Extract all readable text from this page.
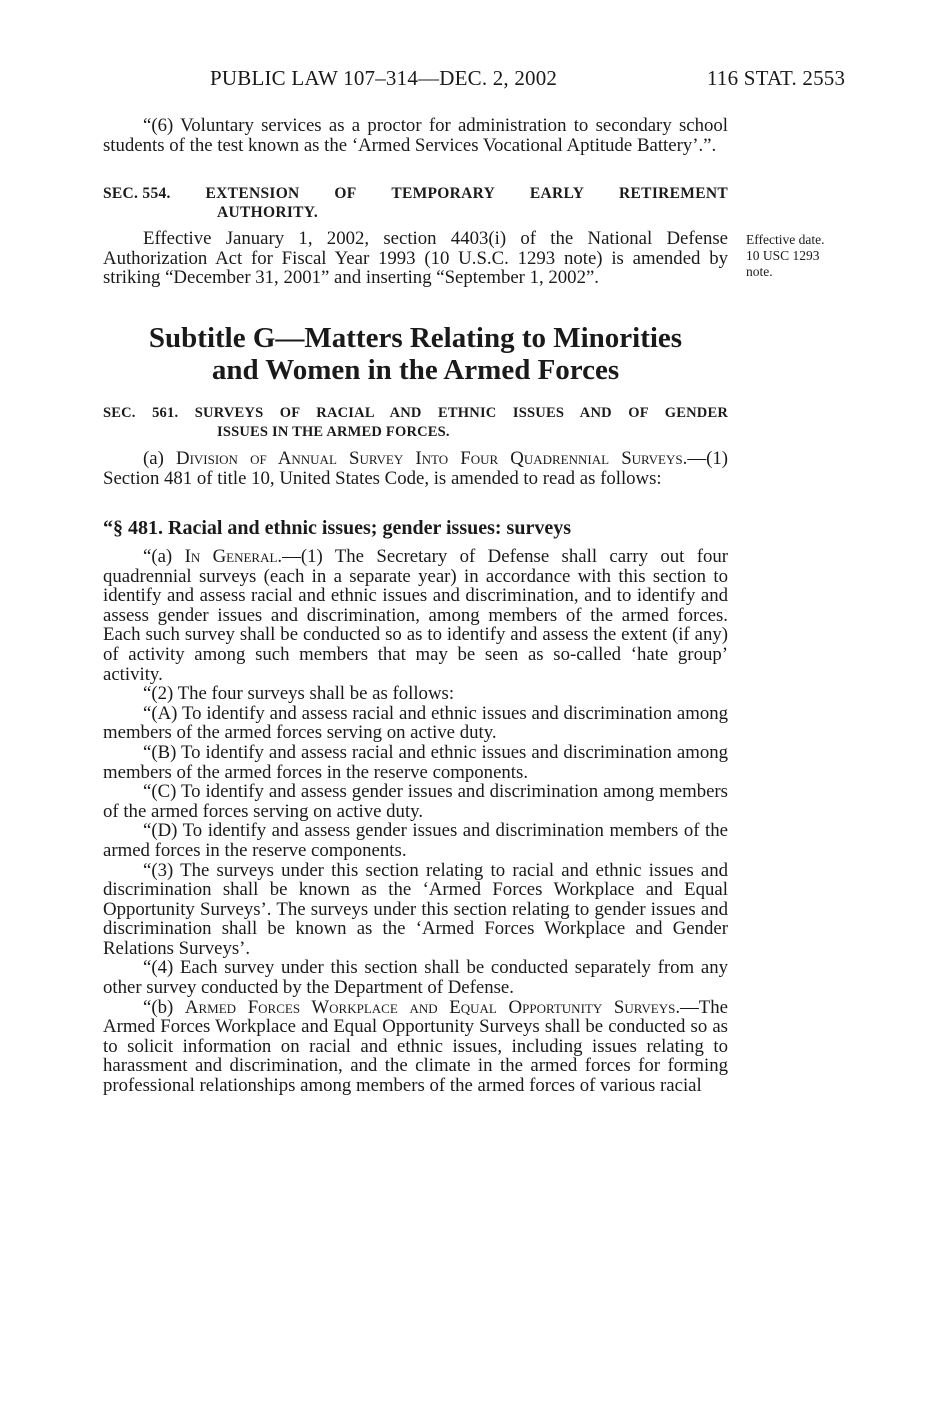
PUBLIC LAW 107–314—DEC. 2, 2002	116 STAT. 2553

“(6) Voluntary services as a proctor for administration to secondary school students of the test known as the ‘Armed Services Vocational Aptitude Battery’.”.

SEC. 554. EXTENSION OF TEMPORARY EARLY RETIREMENT
AUTHORITY.

Effective January 1, 2002, section 4403(i) of the National Defense Authorization Act for Fiscal Year 1993 (10 U.S.C. 1293 note) is amended by striking “December 31, 2001” and inserting “September 1, 2002”.

Effective date.
10 USC 1293
note.
Subtitle G—Matters Relating to Minorities
and Women in the Armed Forces
SEC. 561. SURVEYS OF RACIAL AND ETHNIC ISSUES AND OF GENDER
ISSUES IN THE ARMED FORCES.

(a) Division of Annual Survey Into Four Quadrennial Surveys.—(1) Section 481 of title 10, United States Code, is amended to read as follows:

“§ 481. Racial and ethnic issues; gender issues: surveys

“(a) In General.—(1) The Secretary of Defense shall carry out four quadrennial surveys (each in a separate year) in accordance with this section to identify and assess racial and ethnic issues and discrimination, and to identify and assess gender issues and discrimination, among members of the armed forces. Each such survey shall be conducted so as to identify and assess the extent (if any) of activity among such members that may be seen as so-called ‘hate group’ activity.

“(2) The four surveys shall be as follows:

“(A) To identify and assess racial and ethnic issues and discrimination among members of the armed forces serving on active duty.

“(B) To identify and assess racial and ethnic issues and discrimination among members of the armed forces in the reserve components.

“(C) To identify and assess gender issues and discrimination among members of the armed forces serving on active duty.

“(D) To identify and assess gender issues and discrimination members of the armed forces in the reserve components.

“(3) The surveys under this section relating to racial and ethnic issues and discrimination shall be known as the ‘Armed Forces Workplace and Equal Opportunity Surveys’. The surveys under this section relating to gender issues and discrimination shall be known as the ‘Armed Forces Workplace and Gender Relations Surveys’.

“(4) Each survey under this section shall be conducted separately from any other survey conducted by the Department of Defense.

“(b) Armed Forces Workplace and Equal Opportunity Surveys.—The Armed Forces Workplace and Equal Opportunity Surveys shall be conducted so as to solicit information on racial and ethnic issues, including issues relating to harassment and discrimination, and the climate in the armed forces for forming professional relationships among members of the armed forces of various racial
